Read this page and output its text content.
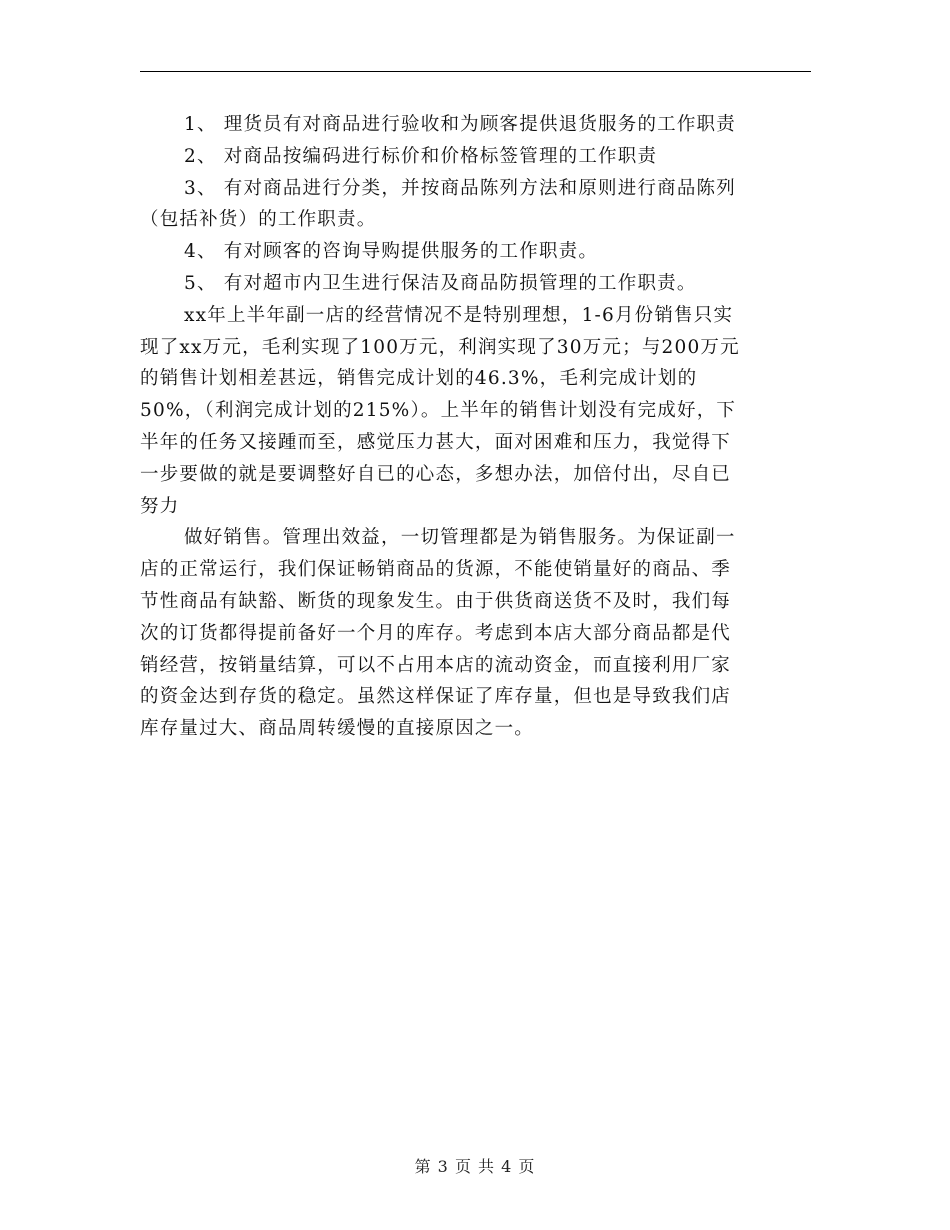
1、 理货员有对商品进行验收和为顾客提供退货服务的工作职责
2、 对商品按编码进行标价和价格标签管理的工作职责
3、 有对商品进行分类，并按商品陈列方法和原则进行商品陈列
（包括补货）的工作职责。
4、 有对顾客的咨询导购提供服务的工作职责。
5、 有对超市内卫生进行保洁及商品防损管理的工作职责。
xx年上半年副一店的经营情况不是特别理想，1-6月份销售只实
现了xx万元，毛利实现了100万元，利润实现了30万元；与200万元
的销售计划相差甚远，销售完成计划的46.3%，毛利完成计划的
50%，（利润完成计划的215%）。上半年的销售计划没有完成好，下
半年的任务又接踵而至，感觉压力甚大，面对困难和压力，我觉得下
一步要做的就是要调整好自已的心态，多想办法，加倍付出，尽自已
努力
做好销售。管理出效益，一切管理都是为销售服务。为保证副一
店的正常运行，我们保证畅销商品的货源，不能使销量好的商品、季
节性商品有缺豁、断货的现象发生。由于供货商送货不及时，我们每
次的订货都得提前备好一个月的库存。考虑到本店大部分商品都是代
销经营，按销量结算，可以不占用本店的流动资金，而直接利用厂家
的资金达到存货的稳定。虽然这样保证了库存量，但也是导致我们店
库存量过大、商品周转缓慢的直接原因之一。
第 3 页 共 4 页
